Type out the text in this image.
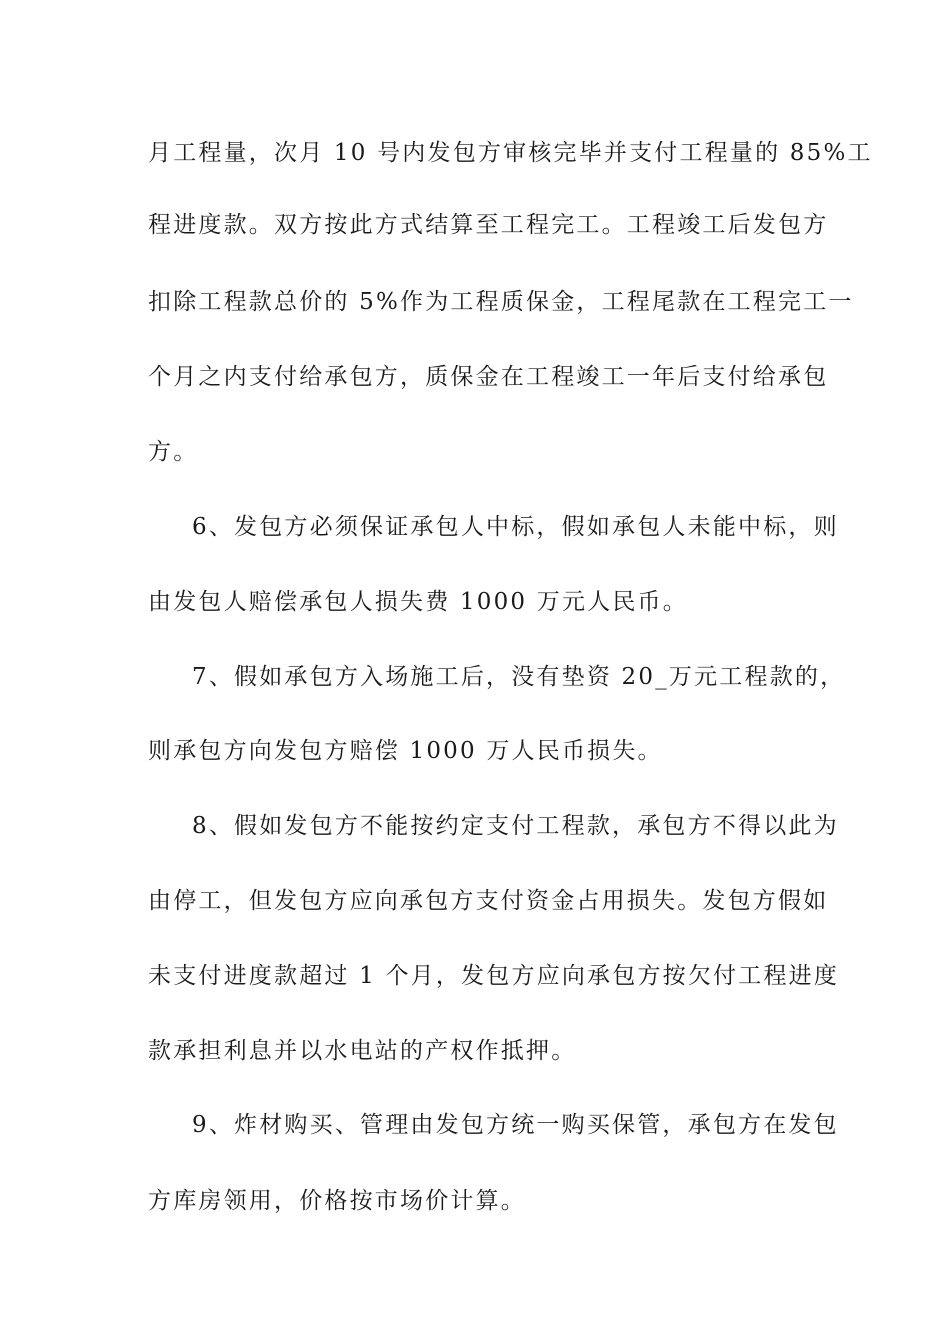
月工程量，次月 10 号内发包方审核完毕并支付工程量的 85%工
程进度款。双方按此方式结算至工程完工。工程竣工后发包方
扣除工程款总价的 5%作为工程质保金，工程尾款在工程完工一
个月之内支付给承包方，质保金在工程竣工一年后支付给承包
方。
6、发包方必须保证承包人中标，假如承包人未能中标，则
由发包人赔偿承包人损失费 1000 万元人民币。
7、假如承包方入场施工后，没有垫资 20_万元工程款的，
则承包方向发包方赔偿 1000 万人民币损失。
8、假如发包方不能按约定支付工程款，承包方不得以此为
由停工，但发包方应向承包方支付资金占用损失。发包方假如
未支付进度款超过 1 个月，发包方应向承包方按欠付工程进度
款承担利息并以水电站的产权作抵押。
9、炸材购买、管理由发包方统一购买保管，承包方在发包
方库房领用，价格按市场价计算。
